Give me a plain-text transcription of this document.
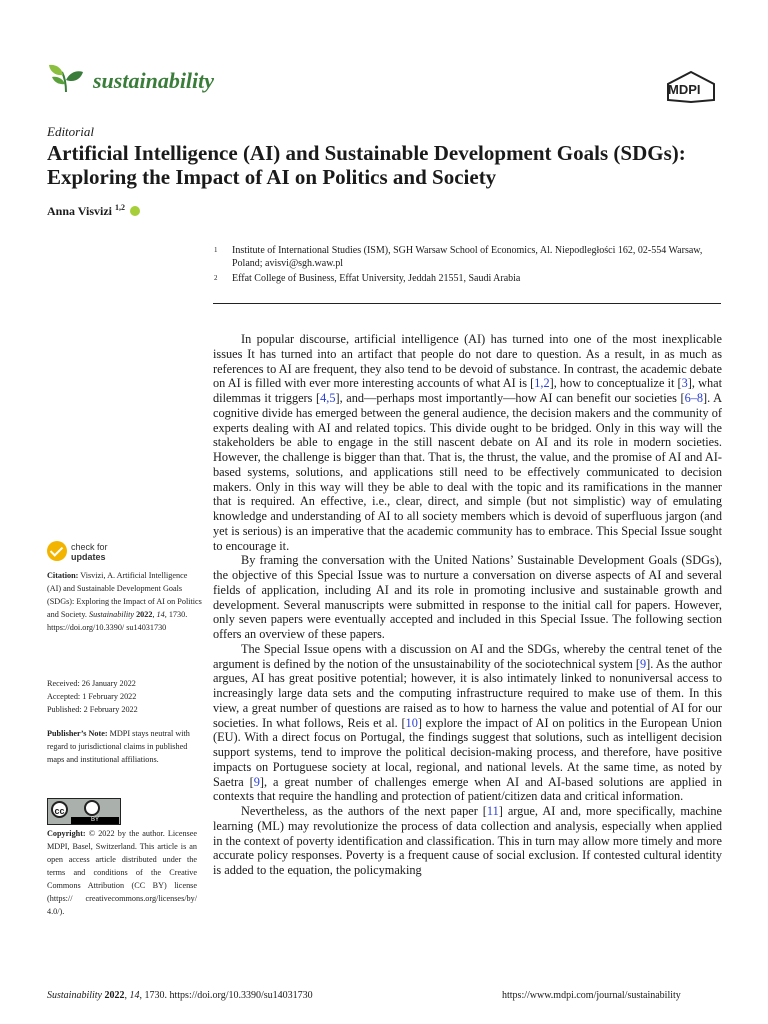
sustainability	MDPI
Editorial
Artificial Intelligence (AI) and Sustainable Development Goals (SDGs): Exploring the Impact of AI on Politics and Society
Anna Visvizi $^{1,2}$
1 Institute of International Studies (ISM), SGH Warsaw School of Economics, Al. Niepodległości 162, 02-554 Warsaw, Poland; avisvi@sgh.waw.pl
2 Effat College of Business, Effat University, Jeddah 21551, Saudi Arabia

In popular discourse, artificial intelligence (AI) has turned into one of the most inexplicable issues It has turned into an artifact that people do not dare to question. As a result, in as much as references to AI are frequent, they also tend to be devoid of substance. In contrast, the academic debate on AI is filled with ever more interesting accounts of what AI is [1,2], how to conceptualize it [3], what dilemmas it triggers [4,5], and—perhaps most importantly—how AI can benefit our societies [6–8]. A cognitive divide has emerged between the general audience, the decision makers and the community of experts dealing with AI and related topics. This divide ought to be bridged. Only in this way will the stakeholders be able to engage in the still nascent debate on AI and its role in modern societies. However, the challenge is bigger than that. That is, the thrust, the value, and the promise of AI and AI-based systems, solutions, and applications still need to be effectively communicated to decision makers. Only in this way will they be able to deal with the topic and its ramifications in the manner that is required. An effective, i.e., clear, direct, and simple (but not simplistic) way of emulating knowledge and understanding of AI to all society members which is devoid of superfluous jargon (and yet is serious) is an imperative that the academic community has to embrace. This Special Issue sought to encourage it.

By framing the conversation with the United Nations’ Sustainable Development Goals (SDGs), the objective of this Special Issue was to nurture a conversation on diverse aspects of AI and several fields of application, including AI and its role in promoting inclusive and sustainable growth and development. Several manuscripts were submitted in response to the initial call for papers. However, only seven papers were eventually accepted and included in this Special Issue. The following section offers an overview of these papers.

The Special Issue opens with a discussion on AI and the SDGs, whereby the central tenet of the argument is defined by the notion of the unsustainability of the sociotechnical system [9]. As the author argues, AI has great positive potential; however, it is also intimately linked to nonuniversal access to increasingly large data sets and the computing infrastructure required to make use of them. In this view, a great number of questions are raised as to how to harness the value and potential of AI for our societies. In what follows, Reis et al. [10] explore the impact of AI on politics in the European Union (EU). With a direct focus on Portugal, the findings suggest that solutions, such as intelligent decision support systems, tend to improve the political decision-making process, and therefore, have positive impacts on Portuguese society at local, regional, and national levels. At the same time, as noted by Saetra [9], a great number of challenges emerge when AI and AI-based solutions are applied in contexts that require the handling and protection of patient/citizen data and critical information.

Nevertheless, as the authors of the next paper [11] argue, AI and, more specifically, machine learning (ML) may revolutionize the process of data collection and analysis, especially when applied in the context of poverty identification and classification. This in turn may allow more timely and more accurate policy responses. Poverty is a frequent cause of social exclusion. If contested cultural identity is added to the equation, the policymaking

check for
updates
Citation: Visvizi, A. Artificial Intelligence (AI) and Sustainable Development Goals (SDGs): Exploring the Impact of AI on Politics and Society. Sustainability 2022, 14, 1730. https://doi.org/10.3390/ su14031730
Received: 26 January 2022
Accepted: 1 February 2022
Published: 2 February 2022
Publisher’s Note: MDPI stays neutral with regard to jurisdictional claims in published maps and institutional affiliations.
cc
BY
Copyright: © 2022 by the author. Licensee MDPI, Basel, Switzerland. This article is an open access article distributed under the terms and conditions of the Creative Commons Attribution (CC BY) license (https:// creativecommons.org/licenses/by/ 4.0/).
Sustainability 2022, 14, 1730. https://doi.org/10.3390/su14031730	https://www.mdpi.com/journal/sustainability
